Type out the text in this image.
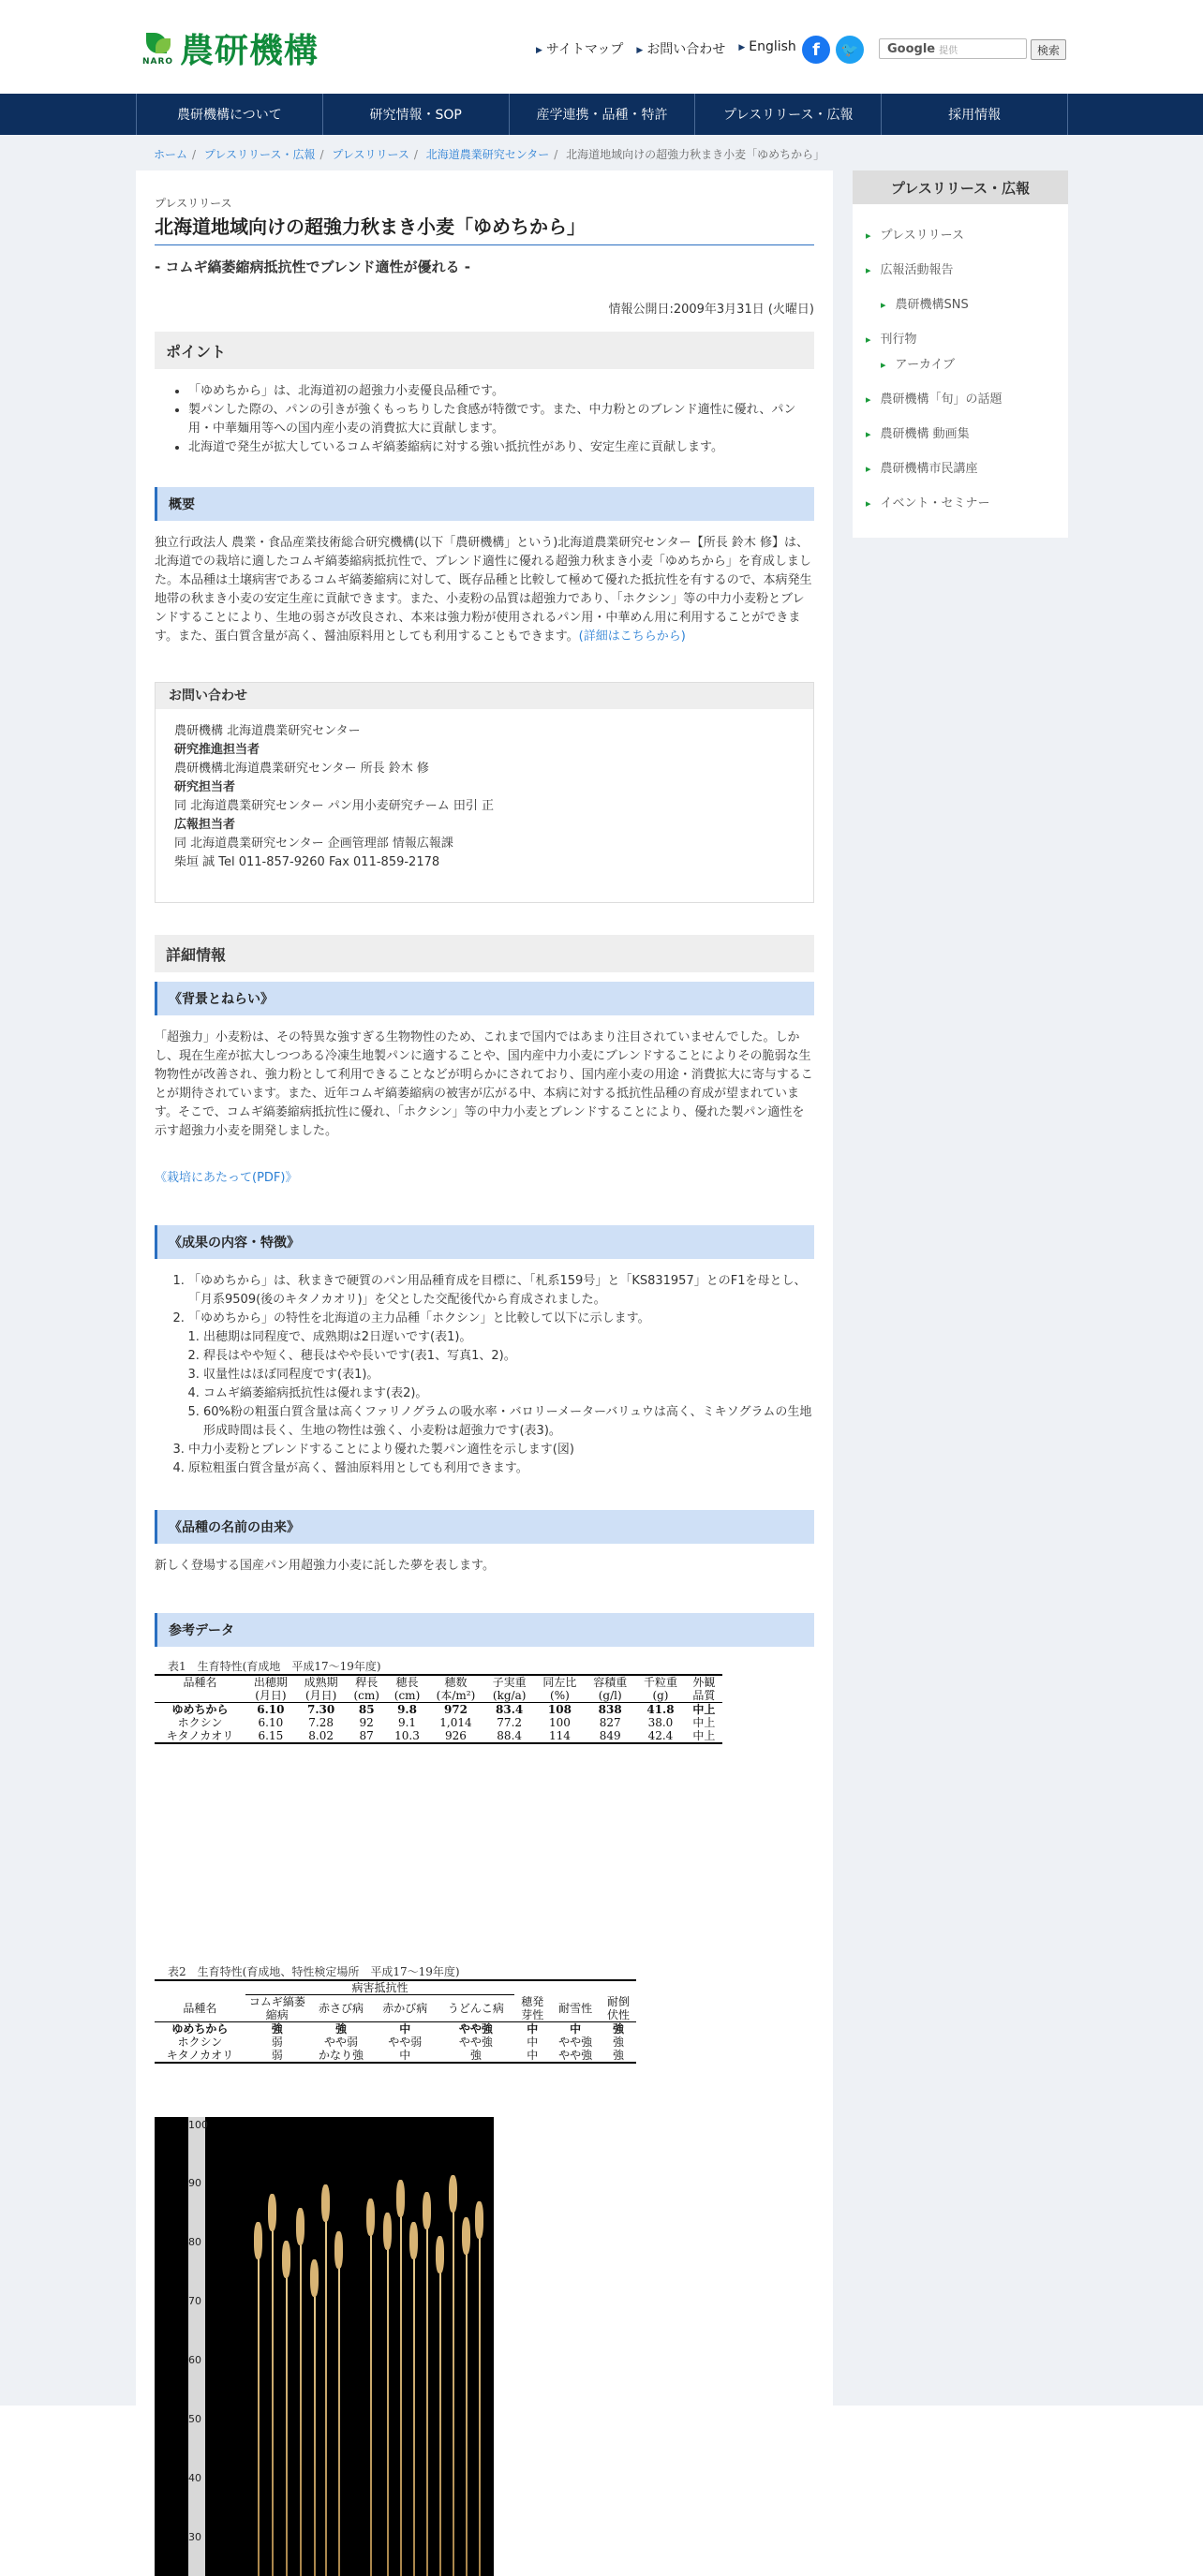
NARO 農研機構	▶ サイトマップ	▶ お問い合わせ	▶ English f	🐦	Google 提供	検索
農研機構について	研究情報・SOP	産学連携・品種・特許	プレスリリース・広報	採用情報
ホーム / プレスリリース・広報 / プレスリリース / 北海道農業研究センター / 北海道地域向けの超強力秋まき小麦「ゆめちから」
プレスリリース
北海道地域向けの超強力秋まき小麦「ゆめちから」
- コムギ縞萎縮病抵抗性でブレンド適性が優れる -
情報公開日:2009年3月31日 (火曜日)
ポイント
• 「ゆめちから」は、北海道初の超強力小麦優良品種です。
• 製パンした際の、パンの引きが強くもっちりした食感が特徴です。また、中力粉とのブレンド適性に優れ、パン用・中華麺用等への国内産小麦の消費拡大に貢献します。
• 北海道で発生が拡大しているコムギ縞萎縮病に対する強い抵抗性があり、安定生産に貢献します。
概要

独立行政法人 農業・食品産業技術総合研究機構(以下「農研機構」という)北海道農業研究センター【所長 鈴木 修】は、北海道での栽培に適したコムギ縞萎縮病抵抗性で、ブレンド適性に優れる超強力秋まき小麦「ゆめちから」を育成しました。本品種は土壌病害であるコムギ縞萎縮病に対して、既存品種と比較して極めて優れた抵抗性を有するので、本病発生地帯の秋まき小麦の安定生産に貢献できます。また、小麦粉の品質は超強力であり、「ホクシン」等の中力小麦粉とブレンドすることにより、生地の弱さが改良され、本来は強力粉が使用されるパン用・中華めん用に利用することができます。また、蛋白質含量が高く、醤油原料用としても利用することもできます。(詳細はこちらから)

お問い合わせ
農研機構 北海道農業研究センター
研究推進担当者
農研機構北海道農業研究センター 所長 鈴木 修
研究担当者
同 北海道農業研究センター パン用小麦研究チーム 田引 正
広報担当者
同 北海道農業研究センター 企画管理部 情報広報課
柴垣 誠 Tel 011-857-9260 Fax 011-859-2178
詳細情報
《背景とねらい》

「超強力」小麦粉は、その特異な強すぎる生物物性のため、これまで国内ではあまり注目されていませんでした。しかし、現在生産が拡大しつつある冷凍生地製パンに適することや、国内産中力小麦にブレンドすることによりその脆弱な生物物性が改善され、強力粉として利用できることなどが明らかにされており、国内産小麦の用途・消費拡大に寄与することが期待されています。また、近年コムギ縞萎縮病の被害が広がる中、本病に対する抵抗性品種の育成が望まれています。そこで、コムギ縞萎縮病抵抗性に優れ、「ホクシン」等の中力小麦とブレンドすることにより、優れた製パン適性を示す超強力小麦を開発しました。

《栽培にあたって(PDF)》
《成果の内容・特徴》
1. 「ゆめちから」は、秋まきで硬質のパン用品種育成を目標に、「札系159号」と「KS831957」とのF1を母とし、「月系9509(後のキタノカオリ)」を父とした交配後代から育成されました。
2. 「ゆめちから」の特性を北海道の主力品種「ホクシン」と比較して以下に示します。
1. 出穂期は同程度で、成熟期は2日遅いです(表1)。
2. 稈長はやや短く、穂長はやや長いです(表1、写真1、2)。
3. 収量性はほぼ同程度です(表1)。
4. コムギ縞萎縮病抵抗性は優れます(表2)。
5. 60%粉の粗蛋白質含量は高くファリノグラムの吸水率・バロリーメーターバリュウは高く、ミキソグラムの生地形成時間は長く、生地の物性は強く、小麦粉は超強力です(表3)。
3. 中力小麦粉とブレンドすることにより優れた製パン適性を示します(図)
4. 原粒粗蛋白質含量が高く、醤油原料用としても利用できます。
《品種の名前の由来》

新しく登場する国産パン用超強力小麦に託した夢を表します。

参考データ
表1　生育特性(育成地　平成17～19年度)
品種名	出穂期	成熟期	稈長	穂長	穂数	子実重	同左比	容積重	千粒重	外観
	(月日)	(月日)	(cm)	(cm)	(本/m²)	(kg/a)	(%)	(g/l)	(g)	品質
ゆめちから	6.10	7.30	85	9.8	972	83.4	108	838	41.8	中上
ホクシン	6.10	7.28	92	9.1	1,014	77.2	100	827	38.0	中上
キタノカオリ	6.15	8.02	87	10.3	926	88.4	114	849	42.4	中上
表2　生育特性(育成地、特性検定場所　平成17～19年度)
	病害抵抗性						
品種名	コムギ縞萎縮病	赤さび病	赤かび病	うどんこ病	穂発芽性	耐雪性	耐倒伏性
ゆめちから	強	強	中	やや強	中	中	強
ホクシン	弱	やや弱	やや弱	やや強	中	やや強	強
キタノカオリ	弱	かなり強	中	強	中	やや強	強
100
90
80
70
60
50
40
30
プレスリリース・広報
▸ プレスリリース
▸ 広報活動報告
▸ 農研機構SNS
▸ 刊行物
▸ アーカイブ
▸ 農研機構「旬」の話題
▸ 農研機構 動画集
▸ 農研機構市民講座
▸ イベント・セミナー
